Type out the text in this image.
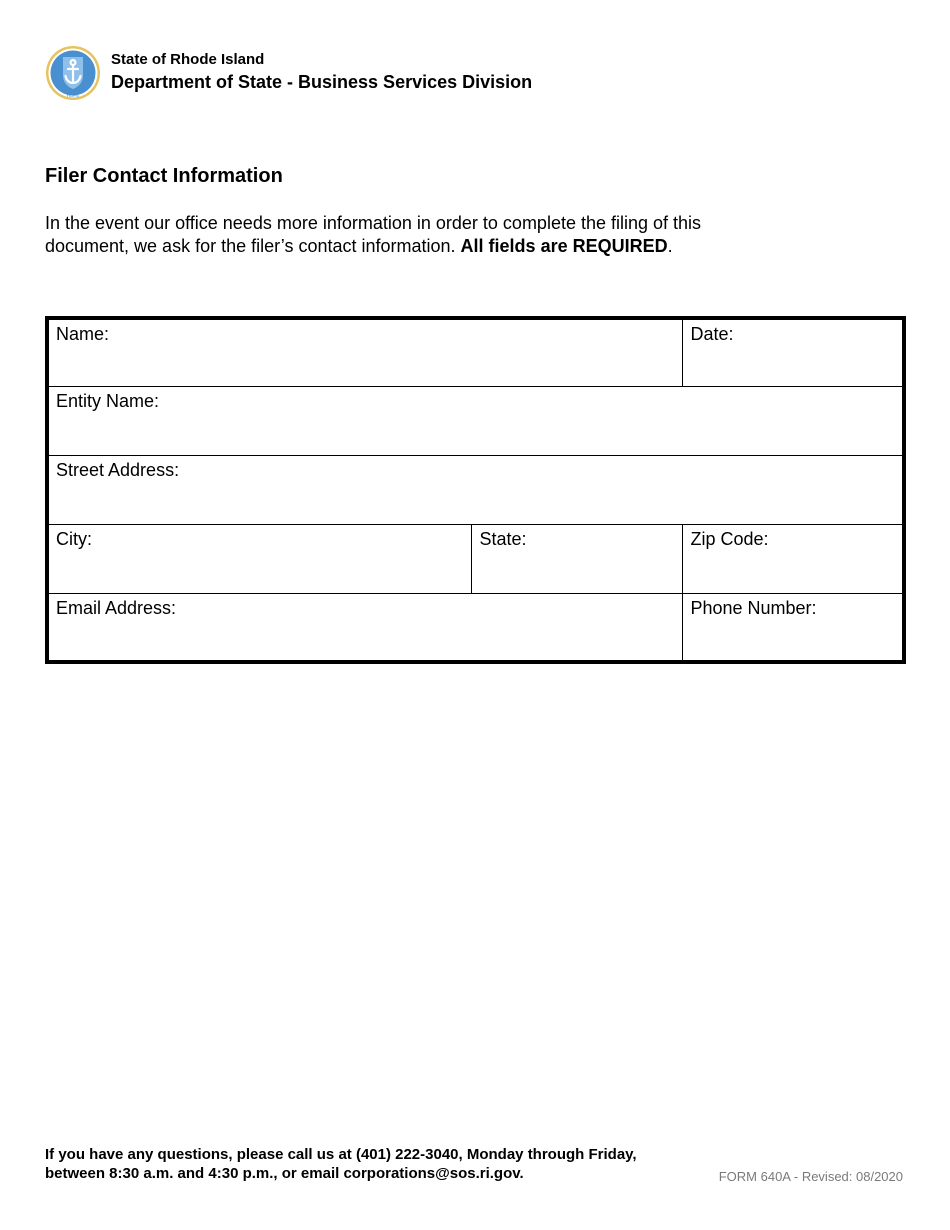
HOPE
State of Rhode Island
Department of State - Business Services Division
Filer Contact Information

In the event our office needs more information in order to complete the filing of this document, we ask for the filer’s contact information. All fields are REQUIRED.

Name:		Date:
Entity Name:		
Street Address:		
City:	State:	Zip Code:
Email Address:		Phone Number:

If you have any questions, please call us at (401) 222-3040, Monday through Friday,
between 8:30 a.m. and 4:30 p.m., or email corporations@sos.ri.gov.	FORM 640A - Revised: 08/2020
